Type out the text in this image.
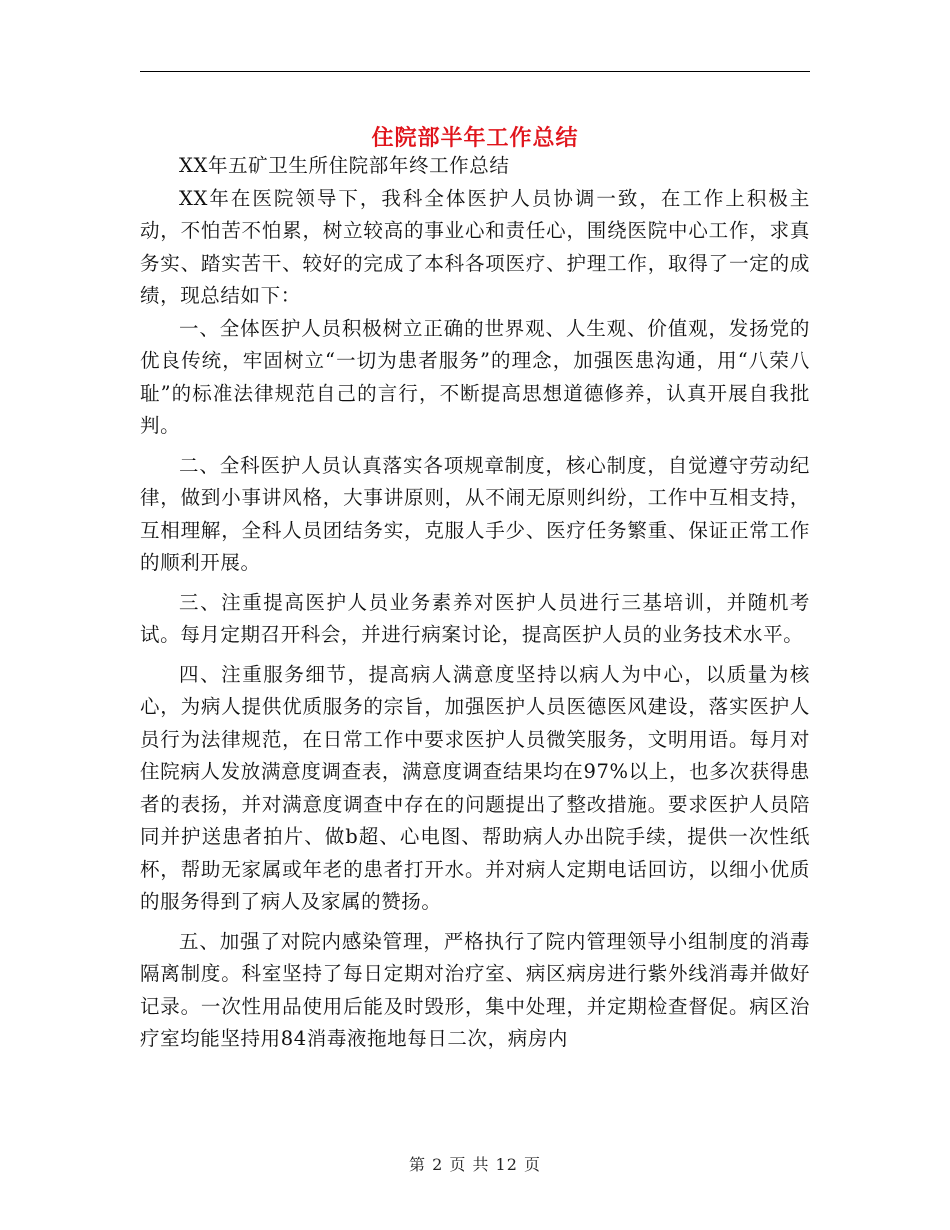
住院部半年工作总结

XX年五矿卫生所住院部年终工作总结

XX年在医院领导下，我科全体医护人员协调一致，在工作上积极主动，不怕苦不怕累，树立较高的事业心和责任心，围绕医院中心工作，求真务实、踏实苦干、较好的完成了本科各项医疗、护理工作，取得了一定的成绩，现总结如下：

一、全体医护人员积极树立正确的世界观、人生观、价值观，发扬党的优良传统，牢固树立“一切为患者服务”的理念，加强医患沟通，用“八荣八耻”的标准法律规范自己的言行，不断提高思想道德修养，认真开展自我批判。

二、全科医护人员认真落实各项规章制度，核心制度，自觉遵守劳动纪律，做到小事讲风格，大事讲原则，从不闹无原则纠纷，工作中互相支持，互相理解，全科人员团结务实，克服人手少、医疗任务繁重、保证正常工作的顺利开展。

三、注重提高医护人员业务素养对医护人员进行三基培训，并随机考试。每月定期召开科会，并进行病案讨论，提高医护人员的业务技术水平。

四、注重服务细节，提高病人满意度坚持以病人为中心，以质量为核心，为病人提供优质服务的宗旨，加强医护人员医德医风建设，落实医护人员行为法律规范，在日常工作中要求医护人员微笑服务，文明用语。每月对住院病人发放满意度调查表，满意度调查结果均在97%以上，也多次获得患者的表扬，并对满意度调查中存在的问题提出了整改措施。要求医护人员陪同并护送患者拍片、做b超、心电图、帮助病人办出院手续，提供一次性纸杯，帮助无家属或年老的患者打开水。并对病人定期电话回访，以细小优质的服务得到了病人及家属的赞扬。

五、加强了对院内感染管理，严格执行了院内管理领导小组制度的消毒隔离制度。科室坚持了每日定期对治疗室、病区病房进行紫外线消毒并做好记录。一次性用品使用后能及时毁形，集中处理，并定期检查督促。病区治疗室均能坚持用84消毒液拖地每日二次，病房内

第 2 页 共 12 页
